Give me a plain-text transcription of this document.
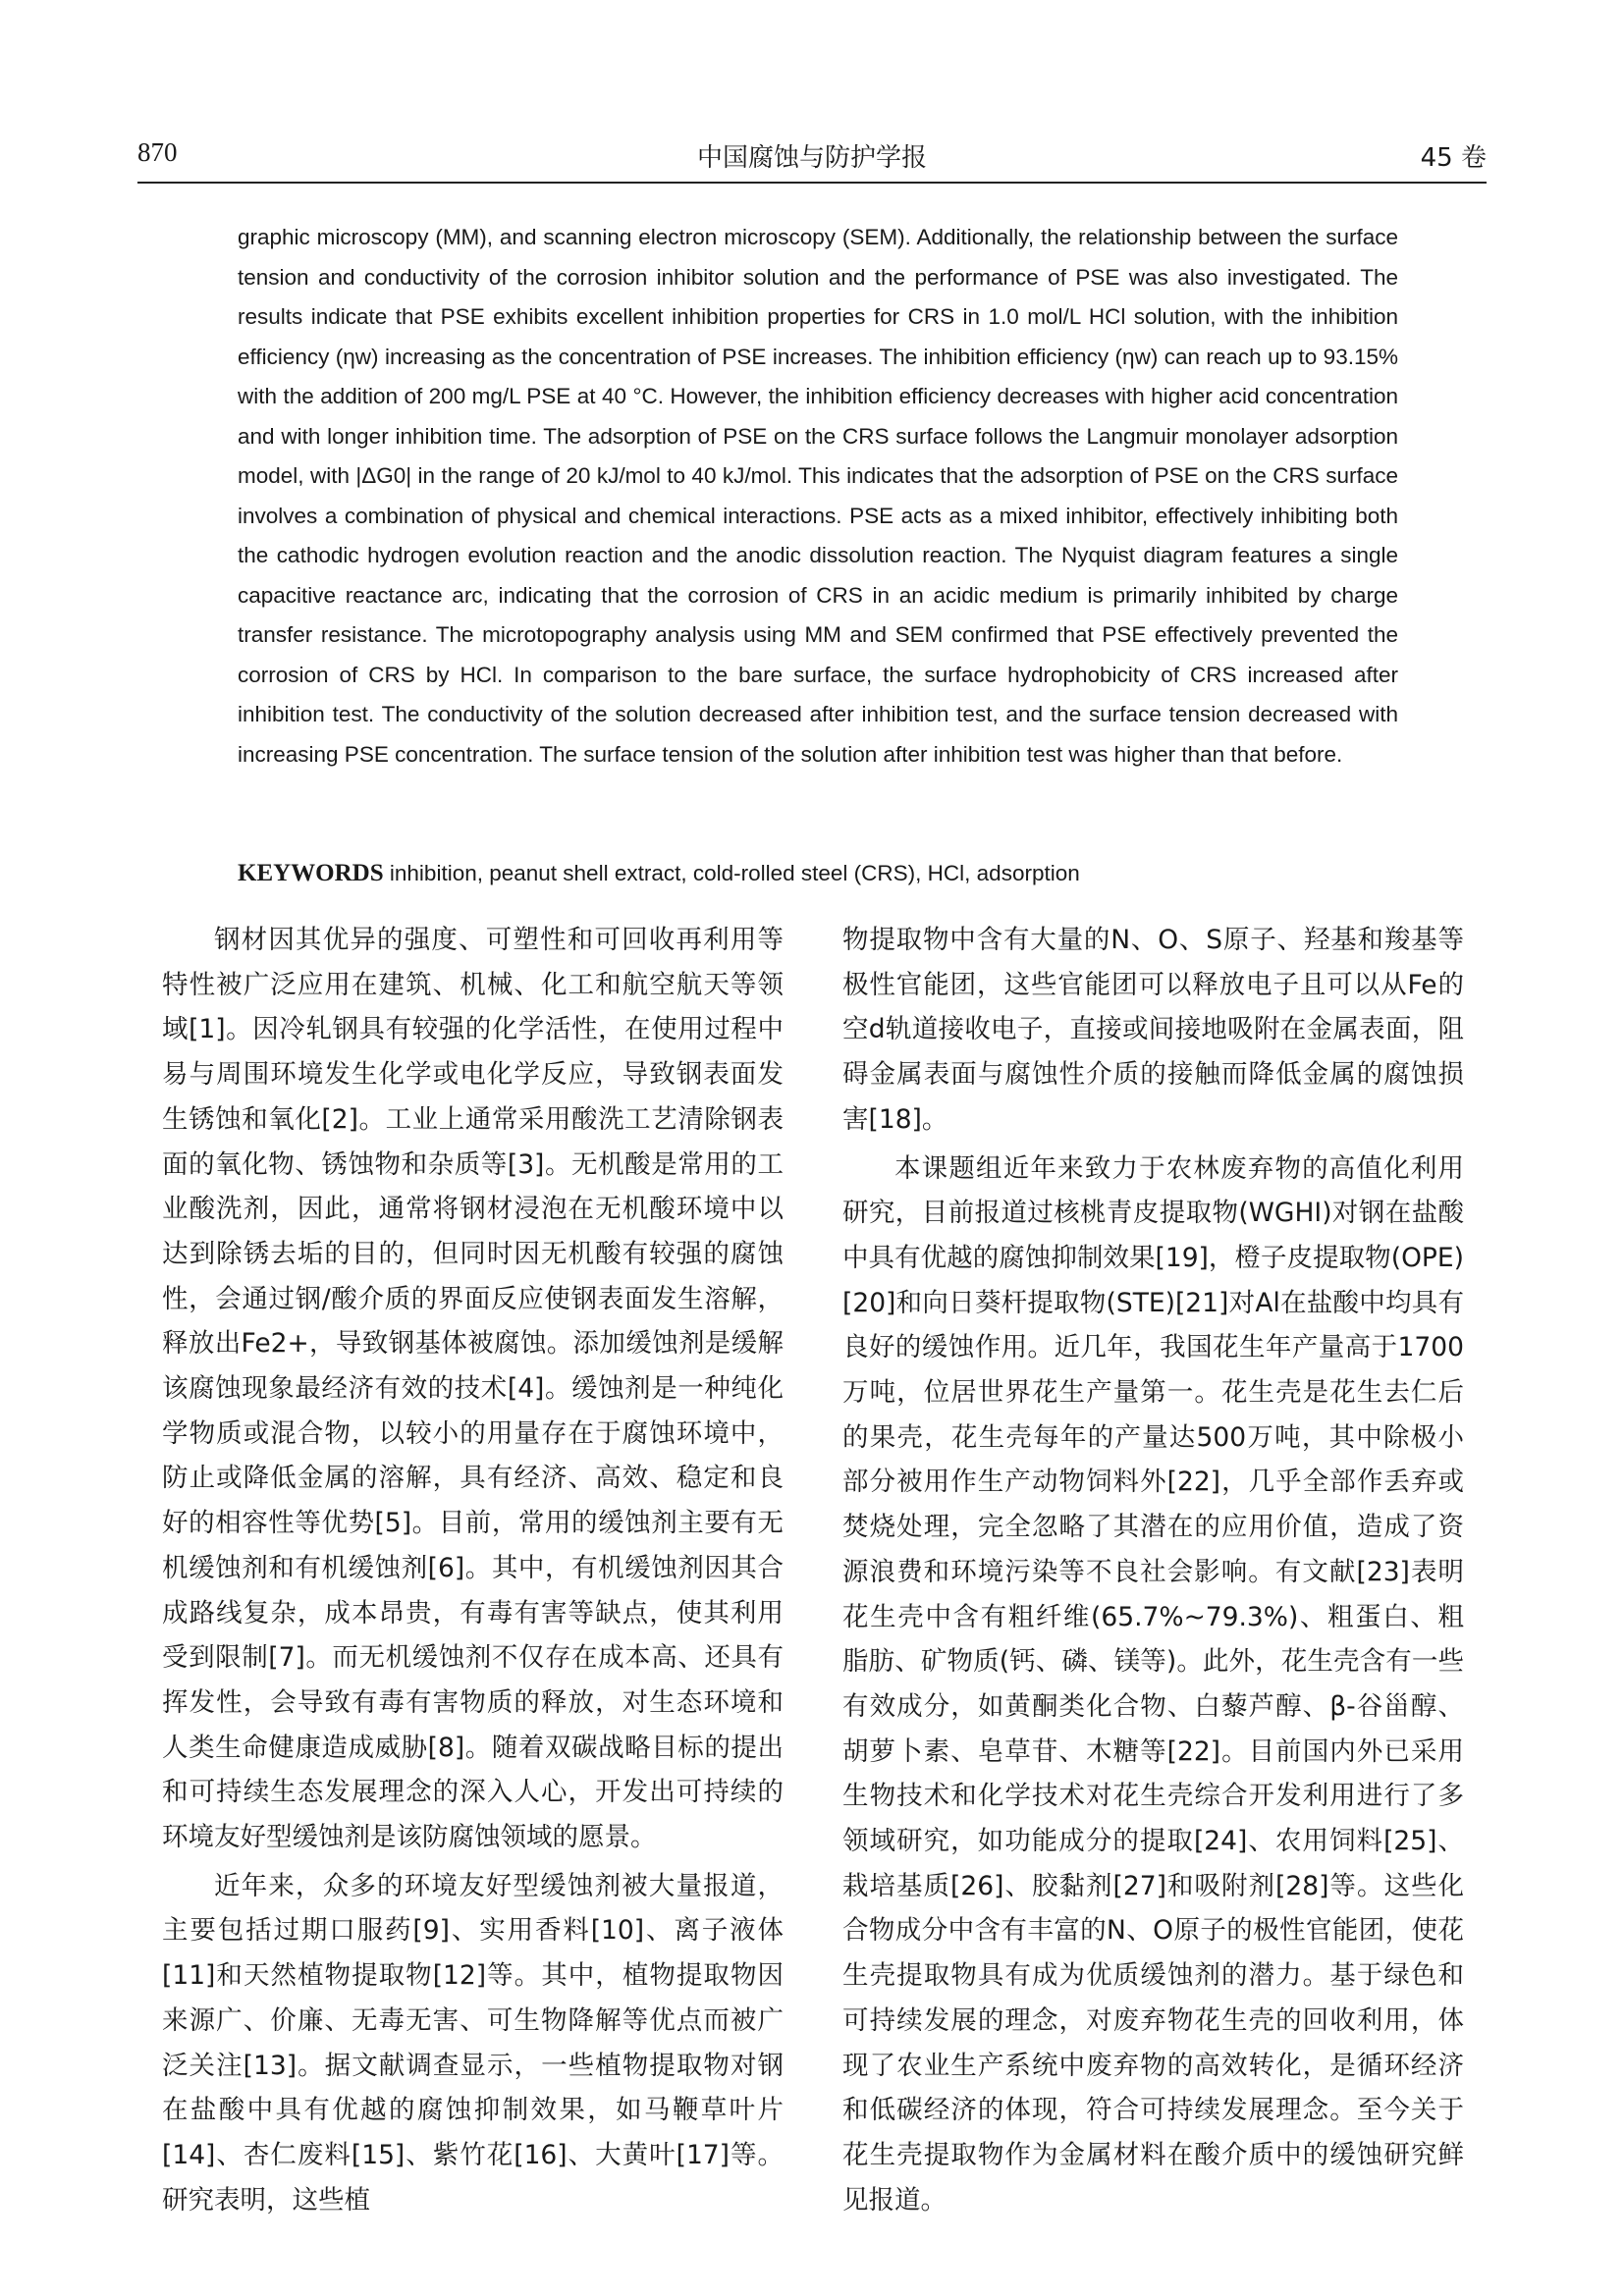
870	中国腐蚀与防护学报	45 卷

graphic microscopy (MM), and scanning electron microscopy (SEM). Additionally, the relationship between the surface tension and conductivity of the corrosion inhibitor solution and the performance of PSE was also investigated. The results indicate that PSE exhibits excellent inhibition properties for CRS in 1.0 mol/L HCl solution, with the inhibition efficiency (ηw) increasing as the concentration of PSE increases. The inhibition efficiency (ηw) can reach up to 93.15% with the addition of 200 mg/L PSE at 40 °C. However, the inhibition efficiency decreases with higher acid concentration and with longer inhibition time. The adsorption of PSE on the CRS surface follows the Langmuir monolayer adsorption model, with |ΔG0| in the range of 20 kJ/mol to 40 kJ/mol. This indicates that the adsorption of PSE on the CRS surface involves a combination of physical and chemical interactions. PSE acts as a mixed inhibitor, effectively inhibiting both the cathodic hydrogen evolution reaction and the anodic dissolution reaction. The Nyquist diagram features a single capacitive reactance arc, indicating that the corrosion of CRS in an acidic medium is primarily inhibited by charge transfer resistance. The microtopography analysis using MM and SEM confirmed that PSE effectively prevented the corrosion of CRS by HCl. In comparison to the bare surface, the surface hydrophobicity of CRS increased after inhibition test. The conductivity of the solution decreased after inhibition test, and the surface tension decreased with increasing PSE concentration. The surface tension of the solution after inhibition test was higher than that before.

KEYWORDS inhibition, peanut shell extract, cold-rolled steel (CRS), HCl, adsorption

钢材因其优异的强度、可塑性和可回收再利用等特性被广泛应用在建筑、机械、化工和航空航天等领域[1]。因冷轧钢具有较强的化学活性，在使用过程中易与周围环境发生化学或电化学反应，导致钢表面发生锈蚀和氧化[2]。工业上通常采用酸洗工艺清除钢表面的氧化物、锈蚀物和杂质等[3]。无机酸是常用的工业酸洗剂，因此，通常将钢材浸泡在无机酸环境中以达到除锈去垢的目的，但同时因无机酸有较强的腐蚀性，会通过钢/酸介质的界面反应使钢表面发生溶解，释放出Fe2+，导致钢基体被腐蚀。添加缓蚀剂是缓解该腐蚀现象最经济有效的技术[4]。缓蚀剂是一种纯化学物质或混合物，以较小的用量存在于腐蚀环境中，防止或降低金属的溶解，具有经济、高效、稳定和良好的相容性等优势[5]。目前，常用的缓蚀剂主要有无机缓蚀剂和有机缓蚀剂[6]。其中，有机缓蚀剂因其合成路线复杂，成本昂贵，有毒有害等缺点，使其利用受到限制[7]。而无机缓蚀剂不仅存在成本高、还具有挥发性，会导致有毒有害物质的释放，对生态环境和人类生命健康造成威胁[8]。随着双碳战略目标的提出和可持续生态发展理念的深入人心，开发出可持续的环境友好型缓蚀剂是该防腐蚀领域的愿景。

近年来，众多的环境友好型缓蚀剂被大量报道，主要包括过期口服药[9]、实用香料[10]、离子液体[11]和天然植物提取物[12]等。其中，植物提取物因来源广、价廉、无毒无害、可生物降解等优点而被广泛关注[13]。据文献调查显示，一些植物提取物对钢在盐酸中具有优越的腐蚀抑制效果，如马鞭草叶片[14]、杏仁废料[15]、紫竹花[16]、大黄叶[17]等。研究表明，这些植

物提取物中含有大量的N、O、S原子、羟基和羧基等极性官能团，这些官能团可以释放电子且可以从Fe的空d轨道接收电子，直接或间接地吸附在金属表面，阻碍金属表面与腐蚀性介质的接触而降低金属的腐蚀损害[18]。

本课题组近年来致力于农林废弃物的高值化利用研究，目前报道过核桃青皮提取物(WGHI)对钢在盐酸中具有优越的腐蚀抑制效果[19]，橙子皮提取物(OPE)[20]和向日葵杆提取物(STE)[21]对Al在盐酸中均具有良好的缓蚀作用。近几年，我国花生年产量高于1700万吨，位居世界花生产量第一。花生壳是花生去仁后的果壳，花生壳每年的产量达500万吨，其中除极小部分被用作生产动物饲料外[22]，几乎全部作丢弃或焚烧处理，完全忽略了其潜在的应用价值，造成了资源浪费和环境污染等不良社会影响。有文献[23]表明花生壳中含有粗纤维(65.7%~79.3%)、粗蛋白、粗脂肪、矿物质(钙、磷、镁等)。此外，花生壳含有一些有效成分，如黄酮类化合物、白藜芦醇、β-谷甾醇、胡萝卜素、皂草苷、木糖等[22]。目前国内外已采用生物技术和化学技术对花生壳综合开发利用进行了多领域研究，如功能成分的提取[24]、农用饲料[25]、栽培基质[26]、胶黏剂[27]和吸附剂[28]等。这些化合物成分中含有丰富的N、O原子的极性官能团，使花生壳提取物具有成为优质缓蚀剂的潜力。基于绿色和可持续发展的理念，对废弃物花生壳的回收利用，体现了农业生产系统中废弃物的高效转化，是循环经济和低碳经济的体现，符合可持续发展理念。至今关于花生壳提取物作为金属材料在酸介质中的缓蚀研究鲜见报道。
